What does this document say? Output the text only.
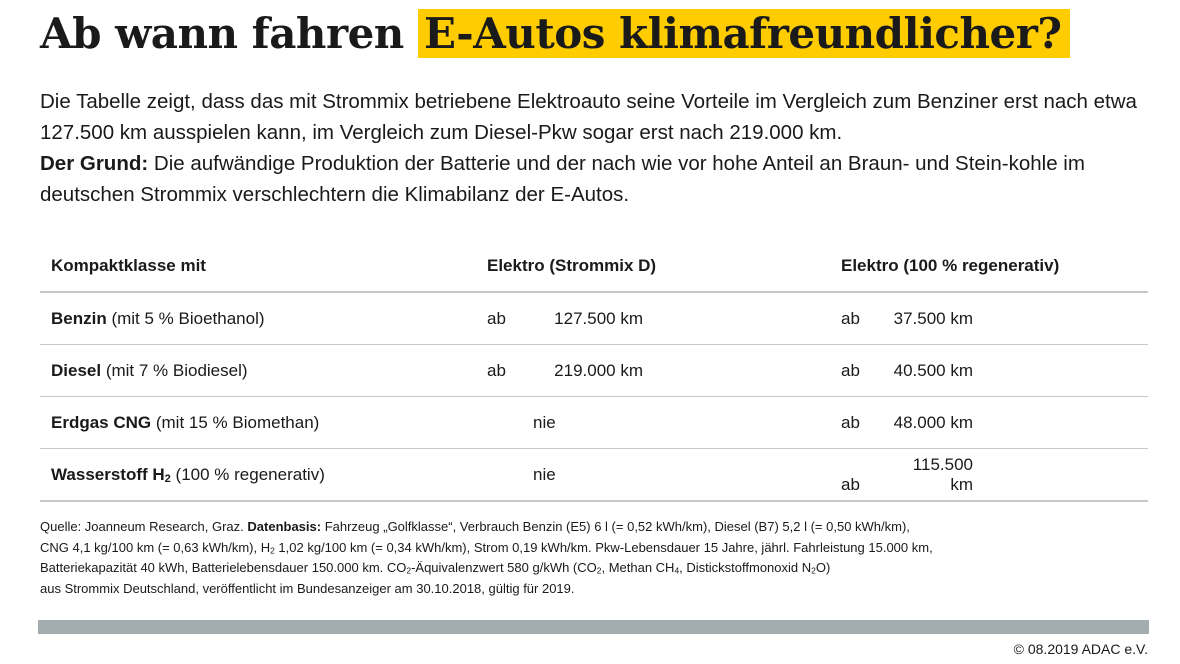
Ab wann fahren E-Autos klimafreundlicher?

Die Tabelle zeigt, dass das mit Strommix betriebene Elektroauto seine Vorteile im Vergleich zum Benziner erst nach etwa 127.500 km ausspielen kann, im Vergleich zum Diesel-Pkw sogar erst nach 219.000 km.

Der Grund: Die aufwändige Produktion der Batterie und der nach wie vor hohe Anteil an Braun- und Stein-kohle im deutschen Strommix verschlechtern die Klimabilanz der E-Autos.

Kompaktklasse mit	Elektro (Strommix D)	Elektro (100 % regenerativ)
Benzin (mit 5 % Bioethanol)	ab 127.500 km	ab 37.500 km
Diesel (mit 7 % Biodiesel)	ab 219.000 km	ab 40.500 km
Erdgas CNG (mit 15 % Biomethan)	nie	ab 48.000 km
Wasserstoff $H_2$ (100 % regenerativ)	nie	ab115.500 km

Quelle: Joanneum Research, Graz. Datenbasis: Fahrzeug „Golfklasse“, Verbrauch Benzin (E5) 6 l (= 0,52 kWh/km), Diesel (B7) 5,2 l (= 0,50 kWh/km),

CNG 4,1 kg/100 km (= 0,63 kWh/km), $H_2$ 1,02 kg/100 km (= 0,34 kWh/km), Strom 0,19 kWh/km. Pkw-Lebensdauer 15 Jahre, jährl. Fahrleistung 15.000 km,

Batteriekapazität 40 kWh, Batterielebensdauer 150.000 km. $CO_2$-Äquivalenzwert 580 g/kWh ($CO_2$, Methan $CH_4$, Distickstoffmonoxid $N_2O$)

aus Strommix Deutschland, veröffentlicht im Bundesanzeiger am 30.10.2018, gültig für 2019.

© 08.2019 ADAC e.V.
